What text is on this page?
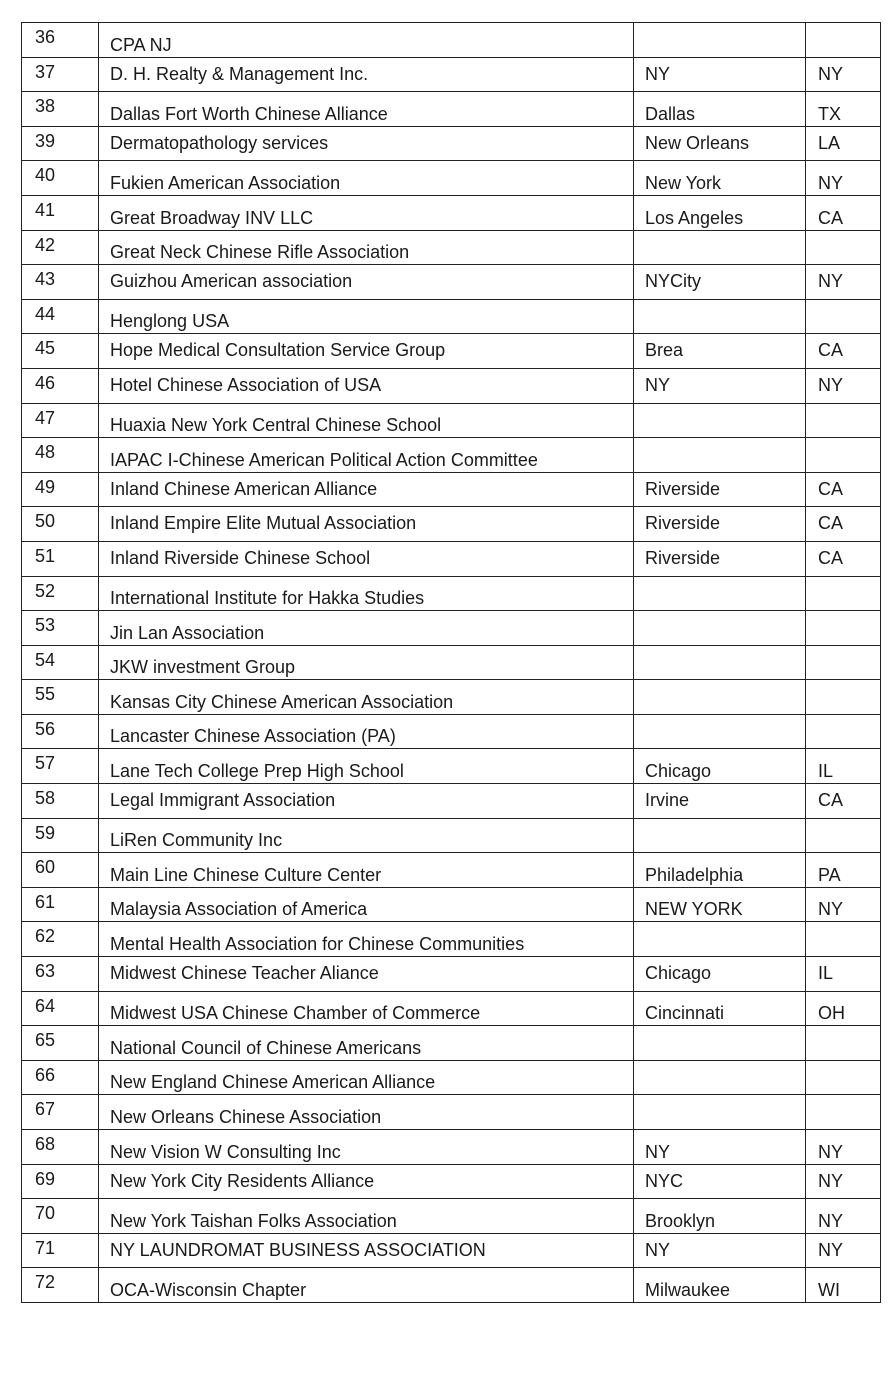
36	CPA NJ		
37	D. H. Realty & Management Inc.	NY	NY
38	Dallas Fort Worth Chinese Alliance	Dallas	TX
39	Dermatopathology services	New Orleans	LA
40	Fukien American Association	New York	NY
41	Great Broadway INV LLC	Los Angeles	CA
42	Great Neck Chinese Rifle Association		
43	Guizhou American association	NYCity	NY
44	Henglong USA		
45	Hope Medical Consultation Service Group	Brea	CA
46	Hotel Chinese Association of USA	NY	NY
47	Huaxia New York Central Chinese School		
48	IAPAC I-Chinese American Political Action Committee		
49	Inland Chinese American Alliance	Riverside	CA
50	Inland Empire Elite Mutual Association	Riverside	CA
51	Inland Riverside Chinese School	Riverside	CA
52	International Institute for Hakka Studies		
53	Jin Lan Association		
54	JKW investment Group		
55	Kansas City Chinese American Association		
56	Lancaster Chinese Association (PA)		
57	Lane Tech College Prep High School	Chicago	IL
58	Legal Immigrant Association	Irvine	CA
59	LiRen Community Inc		
60	Main Line Chinese Culture Center	Philadelphia	PA
61	Malaysia Association of America	NEW YORK	NY
62	Mental Health Association for Chinese Communities		
63	Midwest Chinese Teacher Aliance	Chicago	IL
64	Midwest USA Chinese Chamber of Commerce	Cincinnati	OH
65	National Council of Chinese Americans		
66	New England Chinese American Alliance		
67	New Orleans Chinese Association		
68	New Vision W Consulting Inc	NY	NY
69	New York City Residents Alliance	NYC	NY
70	New York Taishan Folks Association	Brooklyn	NY
71	NY LAUNDROMAT BUSINESS ASSOCIATION	NY	NY
72	OCA-Wisconsin Chapter	Milwaukee	WI
